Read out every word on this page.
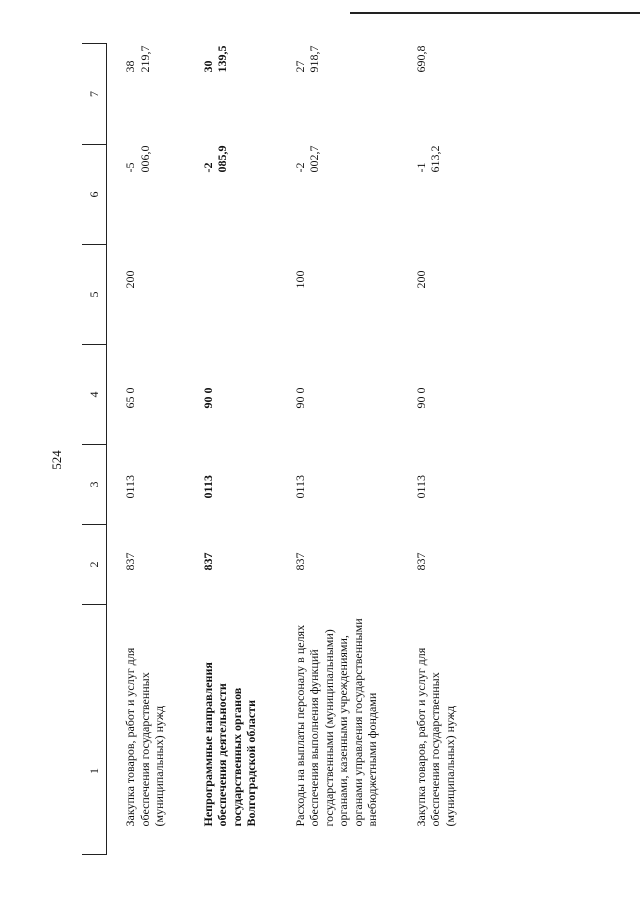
524
1	2	3	4	5	6	7
Закупка товаров, работ и услуг для обеспечения государственных (муниципальных) нужд	837	0113	65 0	200	-5 006,0	38 219,7
Непрограммные направления обеспечения деятельности государственных органов Волгоградской области	837	0113	90 0		-2 085,9	30 139,5
Расходы на выплаты персоналу в целях обеспечения выполнения функций государственными (муниципальными) органами, казенными учреждениями, органами управления государственными внебюджетными фондами	837	0113	90 0	100	-2 002,7	27 918,7
Закупка товаров, работ и услуг для обеспечения государственных (муниципальных) нужд	837	0113	90 0	200	-1 613,2	690,8
